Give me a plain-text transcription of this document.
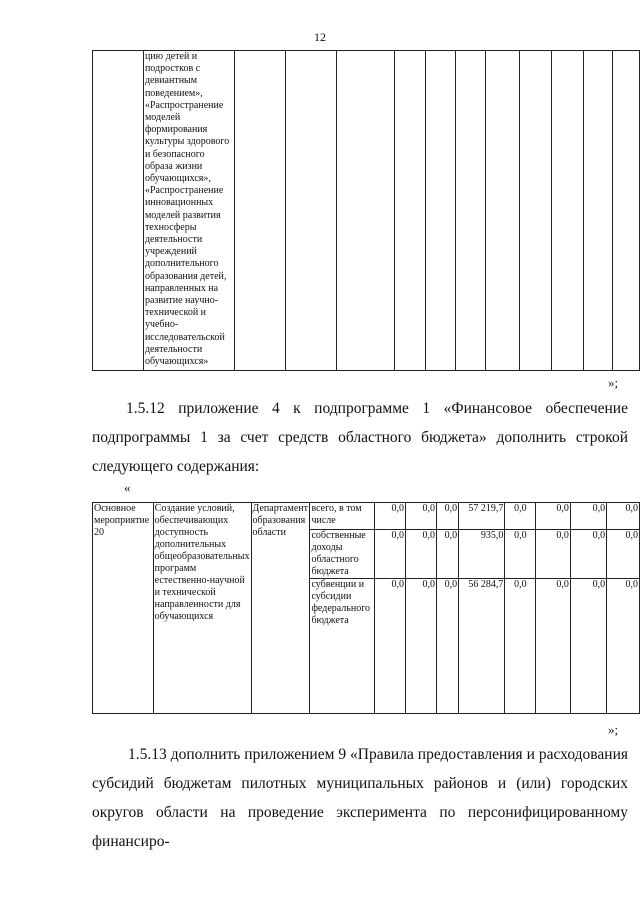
12
	цию детей и подростков с девиантным поведением», «Распространение моделей формирования культуры здорового и безопасного образа жизни обучающихся», «Распространение инновационных моделей развития техносферы деятельности учреждений дополнительного образования детей, направленных на развитие научно-технической и учебно-исследовательской деятельности обучающихся»											
»;
1.5.12 приложение 4 к подпрограмме 1 «Финансовое обеспечение подпрограммы 1 за счет средств областного бюджета» дополнить строкой следующего содержания:
«
Основное мероприятие 20	Создание условий, обеспечивающих доступность дополнительных общеобразовательных программ естественно-научной и технической направленности для обучающихся	Департамент образования области	всего, в том числе	0,0	0,0	0,0	57 219,7	0,0	0,0	0,0	0,0
			собственные доходы областного бюджета	0,0	0,0	0,0	935,0	0,0	0,0	0,0	0,0
			субвенции и субсидии федерального бюджета	0,0	0,0	0,0	56 284,7	0,0	0,0	0,0	0,0
»;
1.5.13 дополнить приложением 9 «Правила предоставления и расходования субсидий бюджетам пилотных муниципальных районов и (или) городских округов области на проведение эксперимента по персонифицированному финансиро-
